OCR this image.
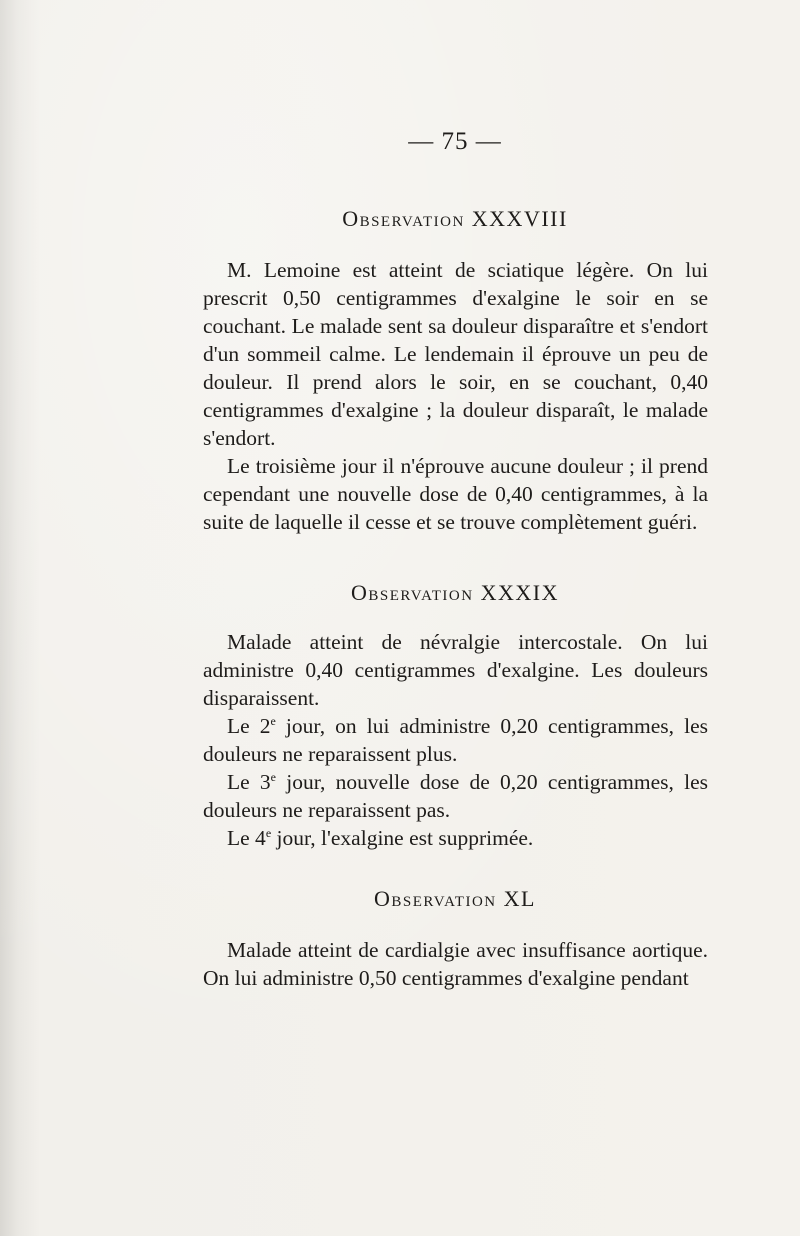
— 75 —
Observation XXXVIII

M. Lemoine est atteint de sciatique légère. On lui prescrit 0,50 centigrammes d'exalgine le soir en se couchant. Le malade sent sa douleur disparaître et s'endort d'un sommeil calme. Le lendemain il éprouve un peu de douleur. Il prend alors le soir, en se couchant, 0,40 centigrammes d'exalgine ; la douleur disparaît, le malade s'endort.

Le troisième jour il n'éprouve aucune douleur ; il prend cependant une nouvelle dose de 0,40 centigrammes, à la suite de laquelle il cesse et se trouve complètement guéri.

Observation XXXIX

Malade atteint de névralgie intercostale. On lui administre 0,40 centigrammes d'exalgine. Les douleurs disparaissent.

Le 2e jour, on lui administre 0,20 centigrammes, les douleurs ne reparaissent plus.

Le 3e jour, nouvelle dose de 0,20 centigrammes, les douleurs ne reparaissent pas.

Le 4e jour, l'exalgine est supprimée.

Observation XL

Malade atteint de cardialgie avec insuffisance aortique. On lui administre 0,50 centigrammes d'exalgine pendant
